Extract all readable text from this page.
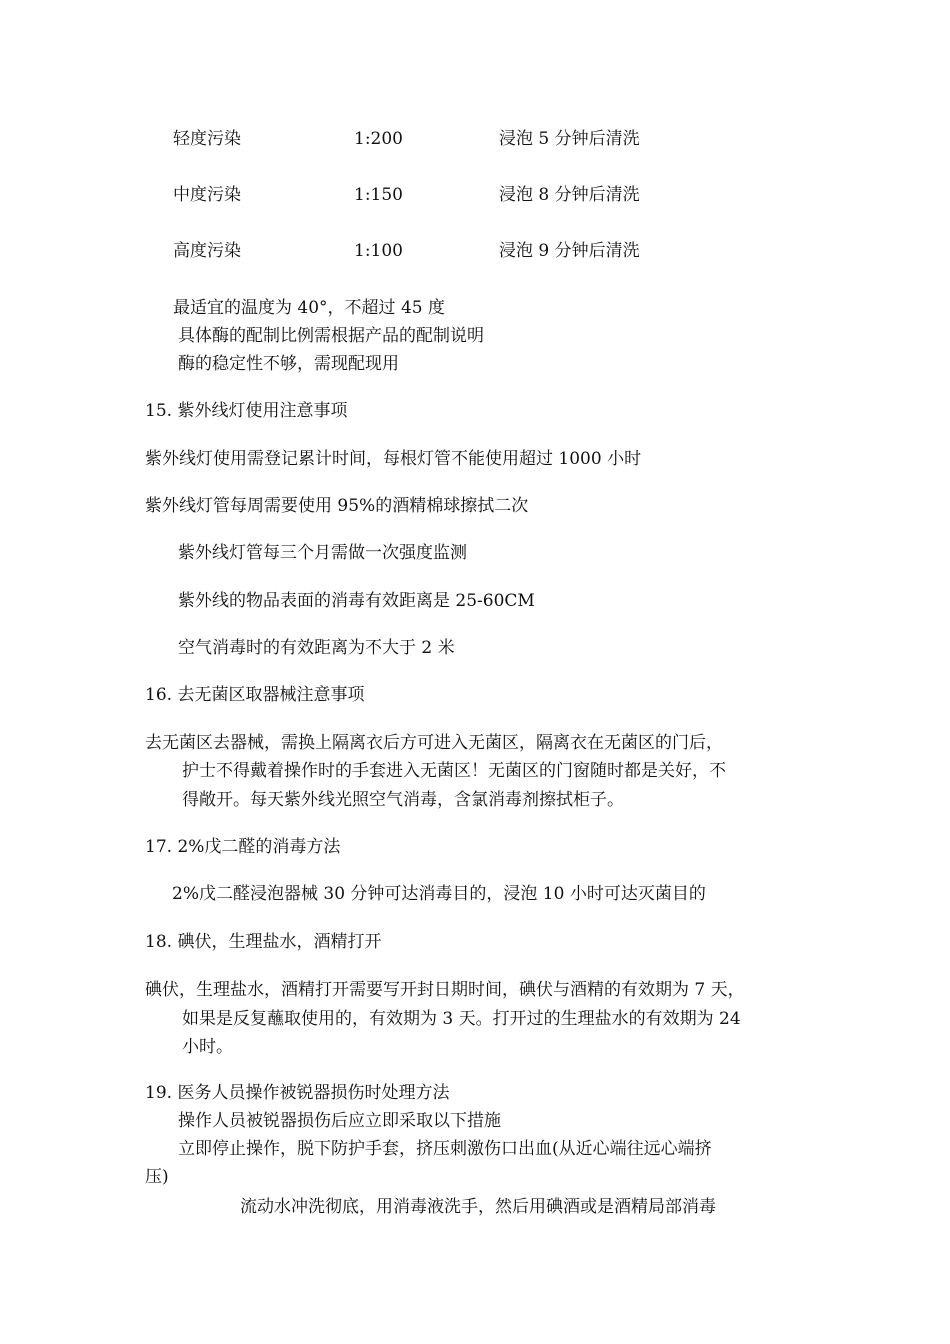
轻度污染	1:200	浸泡 5 分钟后清洗
中度污染	1:150	浸泡 8 分钟后清洗
高度污染	1:100	浸泡 9 分钟后清洗
最适宜的温度为 40°，不超过 45 度
具体酶的配制比例需根据产品的配制说明
酶的稳定性不够，需现配现用
15. 紫外线灯使用注意事项
紫外线灯使用需登记累计时间，每根灯管不能使用超过 1000 小时
紫外线灯管每周需要使用 95%的酒精棉球擦拭二次
紫外线灯管每三个月需做一次强度监测
紫外线的物品表面的消毒有效距离是 25-60CM
空气消毒时的有效距离为不大于 2 米
16. 去无菌区取器械注意事项
去无菌区去器械，需换上隔离衣后方可进入无菌区，隔离衣在无菌区的门后，
护士不得戴着操作时的手套进入无菌区！无菌区的门窗随时都是关好，不
得敞开。每天紫外线光照空气消毒，含氯消毒剂擦拭柜子。
17. 2%戊二醛的消毒方法
2%戊二醛浸泡器械 30 分钟可达消毒目的，浸泡 10 小时可达灭菌目的
18. 碘伏，生理盐水，酒精打开
碘伏，生理盐水，酒精打开需要写开封日期时间，碘伏与酒精的有效期为 7 天，
如果是反复蘸取使用的，有效期为 3 天。打开过的生理盐水的有效期为 24
小时。
19. 医务人员操作被锐器损伤时处理方法
操作人员被锐器损伤后应立即采取以下措施
立即停止操作，脱下防护手套，挤压刺激伤口出血(从近心端往远心端挤
压)
流动水冲洗彻底，用消毒液洗手，然后用碘酒或是酒精局部消毒
